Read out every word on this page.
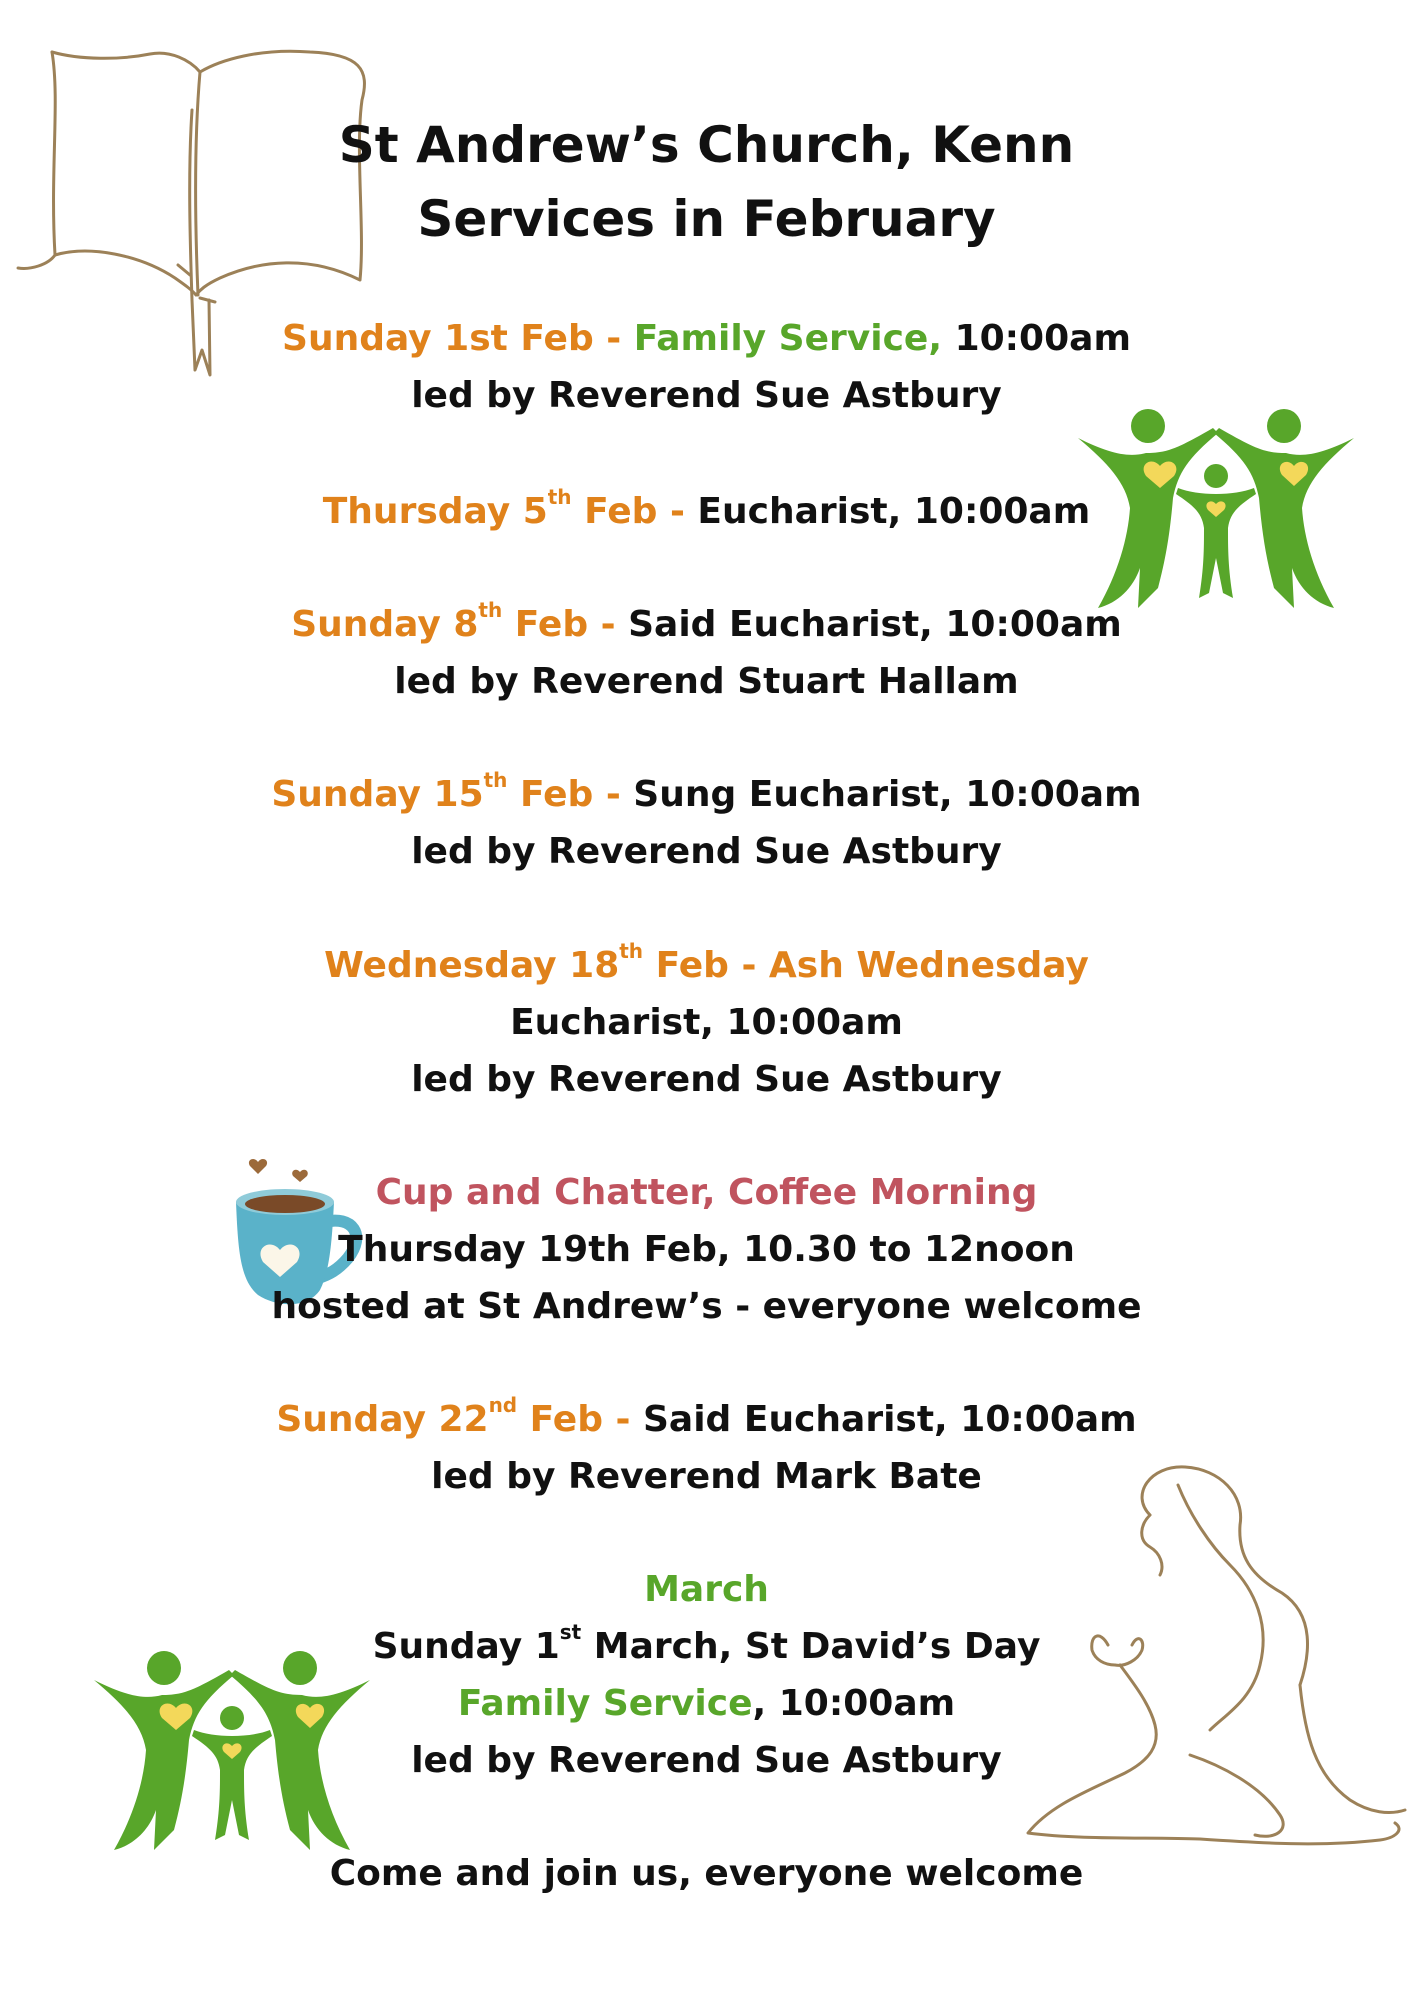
St Andrew’s Church, Kenn
Services in February
Sunday 1st Feb - Family Service, 10:00am
led by Reverend Sue Astbury
Thursday 5th Feb - Eucharist, 10:00am
Sunday 8th Feb - Said Eucharist, 10:00am
led by Reverend Stuart Hallam
Sunday 15th Feb - Sung Eucharist, 10:00am
led by Reverend Sue Astbury
Wednesday 18th Feb - Ash Wednesday
Eucharist, 10:00am
led by Reverend Sue Astbury
Cup and Chatter, Coffee Morning
Thursday 19th Feb, 10.30 to 12noon
hosted at St Andrew’s - everyone welcome
Sunday 22nd Feb - Said Eucharist, 10:00am
led by Reverend Mark Bate
March
Sunday 1st March, St David’s Day
Family Service, 10:00am
led by Reverend Sue Astbury
Come and join us, everyone welcome
